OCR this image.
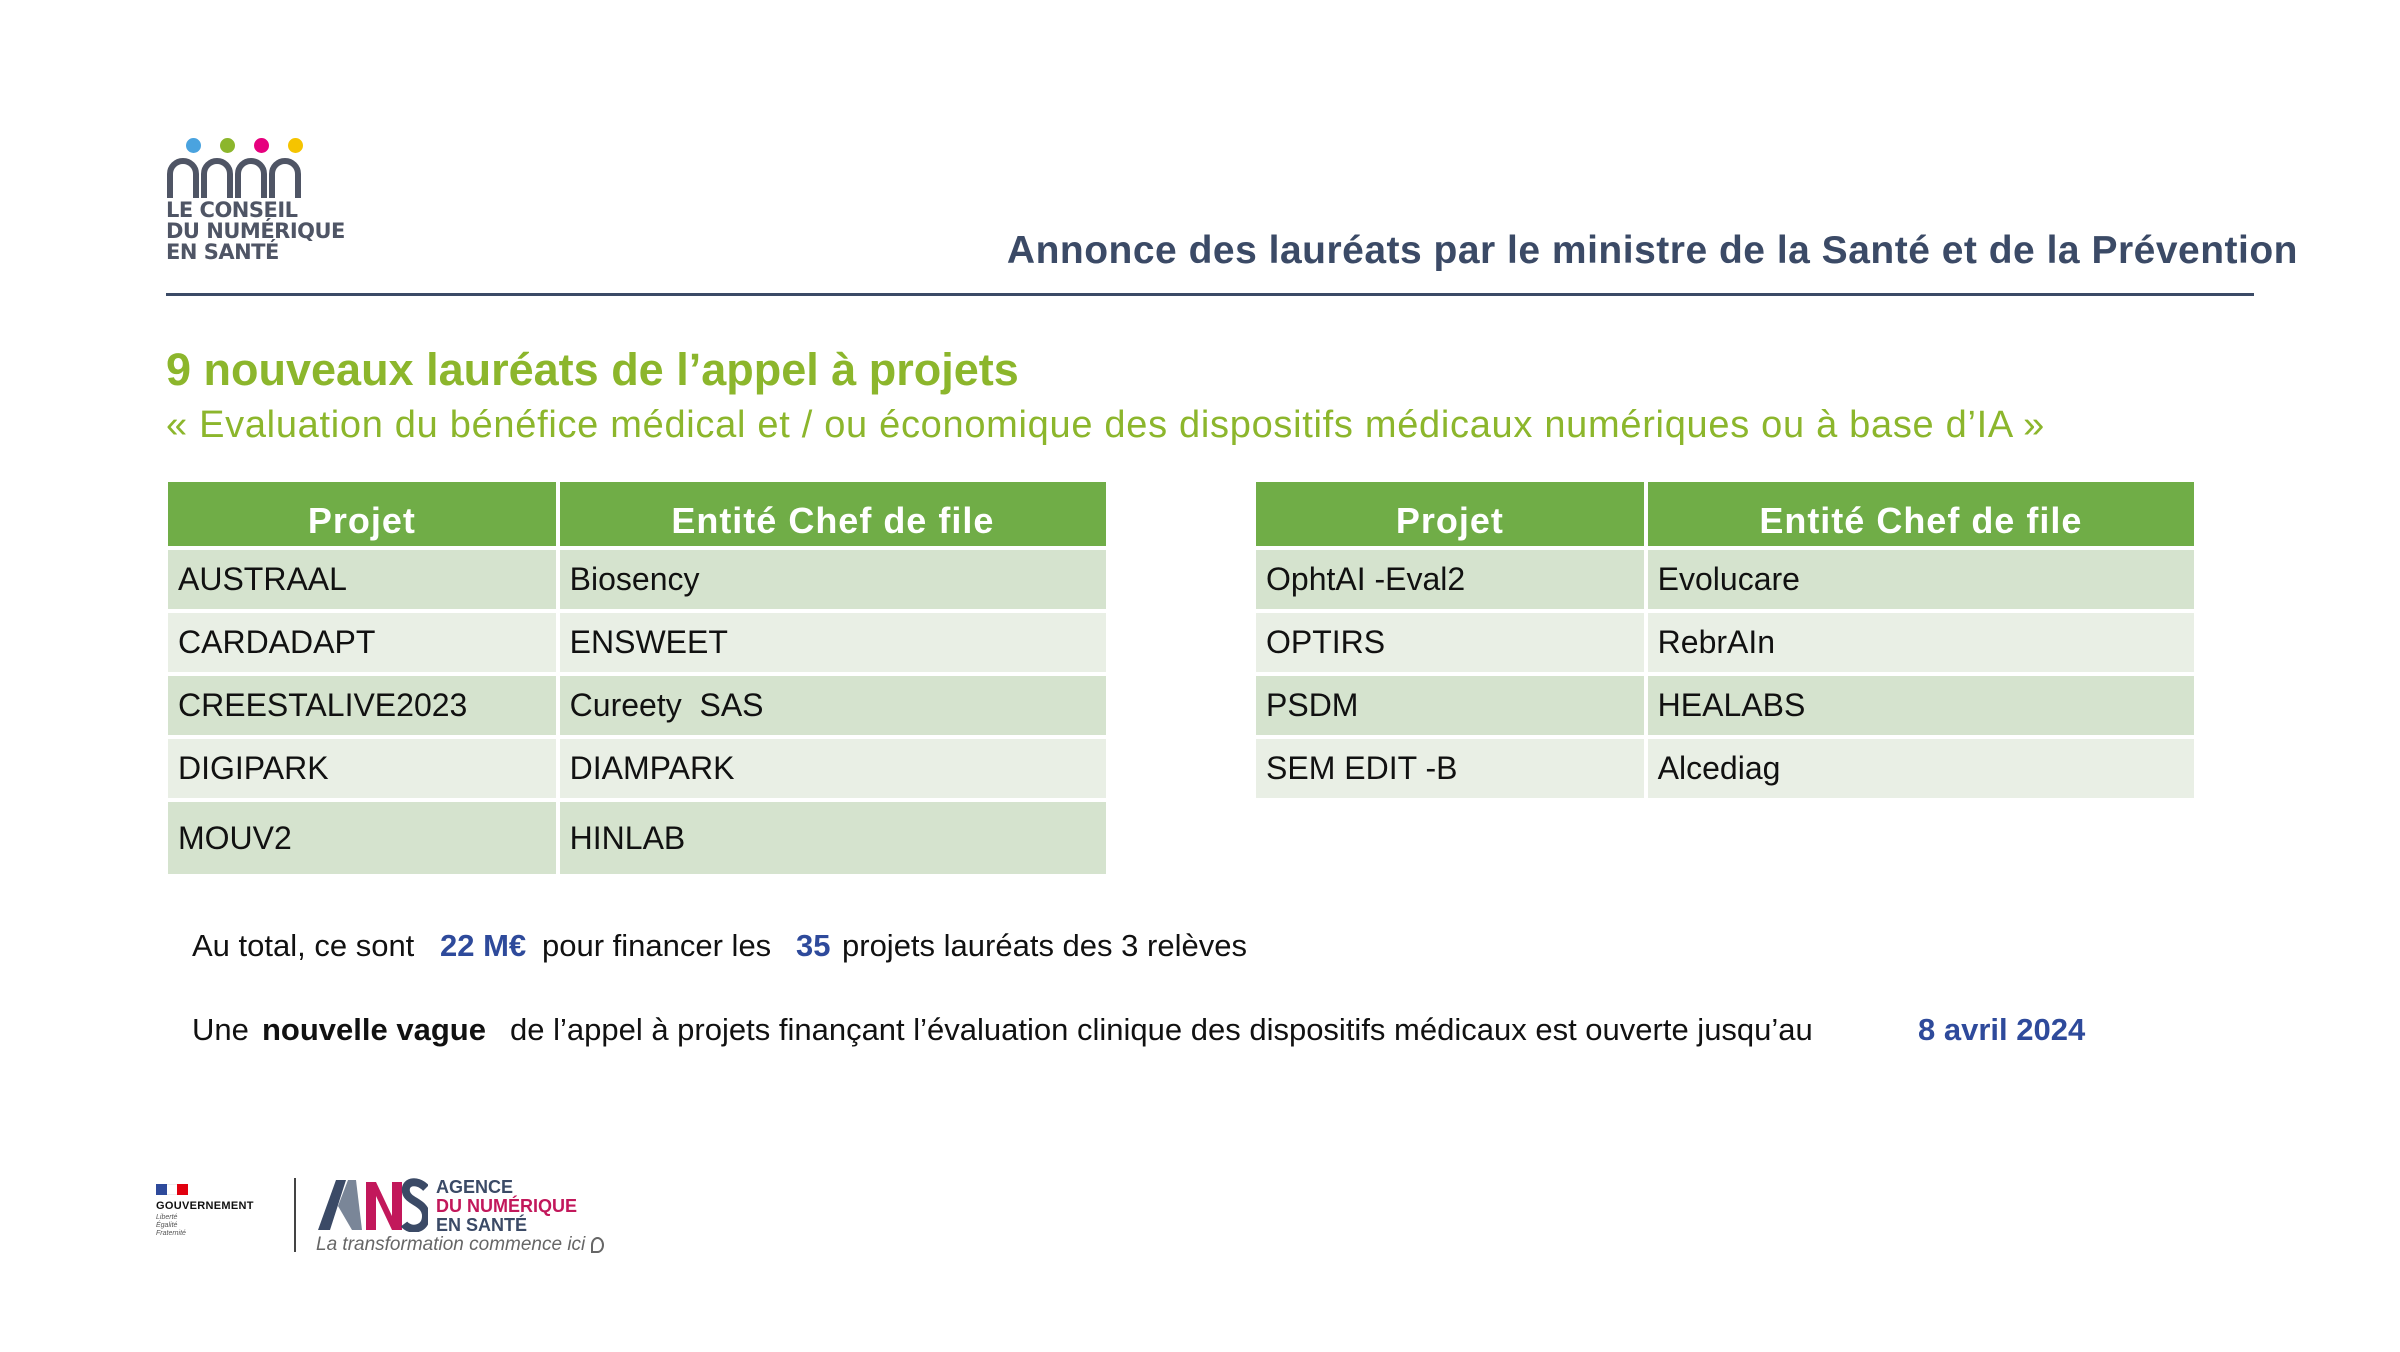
LE CONSEIL
DU NUMÉRIQUE
EN SANTÉ	Annonce des lauréats par le ministre de la Santé et de la Prévention
9 nouveaux lauréats de l’appel à projets
« Evaluation du bénéfice médical et / ou économique des dispositifs médicaux numériques ou à base d’IA »
Projet	Entité Chef de file
AUSTRAAL	Biosency
CARDADAPT	ENSWEET
CREESTALIVE2023	Cureety  SAS
DIGIPARK	DIAMPARK
MOUV2	HINLAB
Projet	Entité Chef de file
OphtAI -Eval2	Evolucare
OPTIRS	RebrAIn
PSDM	HEALABS
SEM EDIT -B	Alcediag
Au total, ce sont 22 M€ pour financer les 35 projets lauréats des 3 relèves
Une nouvelle vague de l’appel à projets finançant l’évaluation clinique des dispositifs médicaux est ouverte jusqu’au	8 avril 2024
GOUVERNEMENT
Liberté
Égalité
Fraternité
AGENCE
DU NUMÉRIQUE
EN SANTÉ
La transformation commence ici
